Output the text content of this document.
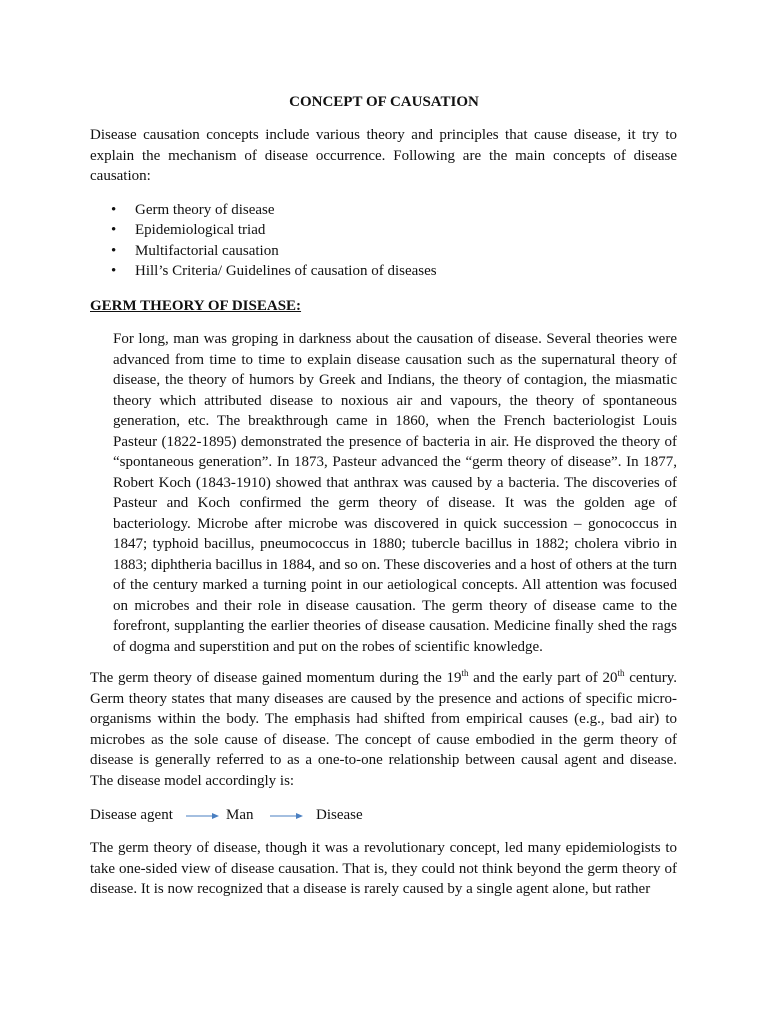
CONCEPT OF CAUSATION

Disease causation concepts include various theory and principles that cause disease, it try to explain the mechanism of disease occurrence. Following are the main concepts of disease causation:

• Germ theory of disease
• Epidemiological triad
• Multifactorial causation
• Hill’s Criteria/ Guidelines of causation of diseases
GERM THEORY OF DISEASE:

For long, man was groping in darkness about the causation of disease. Several theories were advanced from time to time to explain disease causation such as the supernatural theory of disease, the theory of humors by Greek and Indians, the theory of contagion, the miasmatic theory which attributed disease to noxious air and vapours, the theory of spontaneous generation, etc. The breakthrough came in 1860, when the French bacteriologist Louis Pasteur (1822-1895) demonstrated the presence of bacteria in air. He disproved the theory of “spontaneous generation”. In 1873, Pasteur advanced the “germ theory of disease”. In 1877, Robert Koch (1843-1910) showed that anthrax was caused by a bacteria. The discoveries of Pasteur and Koch confirmed the germ theory of disease. It was the golden age of bacteriology. Microbe after microbe was discovered in quick succession – gonococcus in 1847; typhoid bacillus, pneumococcus in 1880; tubercle bacillus in 1882; cholera vibrio in 1883; diphtheria bacillus in 1884, and so on. These discoveries and a host of others at the turn of the century marked a turning point in our aetiological concepts. All attention was focused on microbes and their role in disease causation. The germ theory of disease came to the forefront, supplanting the earlier theories of disease causation. Medicine finally shed the rags of dogma and superstition and put on the robes of scientific knowledge.

The germ theory of disease gained momentum during the 19th and the early part of 20th century. Germ theory states that many diseases are caused by the presence and actions of specific micro-organisms within the body. The emphasis had shifted from empirical causes (e.g., bad air) to microbes as the sole cause of disease. The concept of cause embodied in the germ theory of disease is generally referred to as a one-to-one relationship between causal agent and disease. The disease model accordingly is:

Disease agent	Man	Disease

The germ theory of disease, though it was a revolutionary concept, led many epidemiologists to take one-sided view of disease causation. That is, they could not think beyond the germ theory of disease. It is now recognized that a disease is rarely caused by a single agent alone, but rather
